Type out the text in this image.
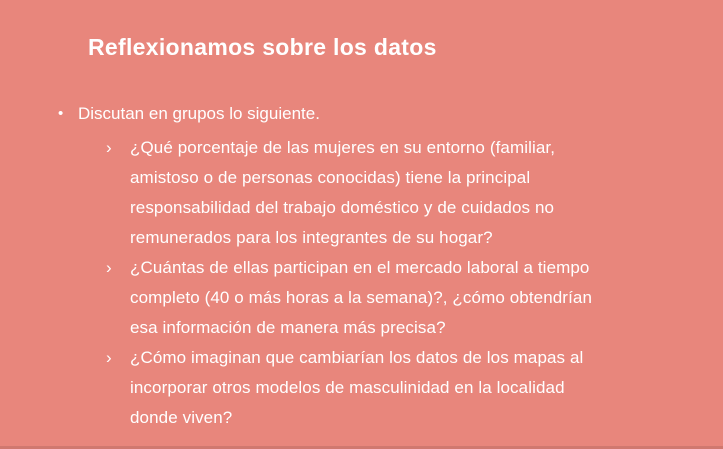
Reflexionamos sobre los datos
• Discutan en grupos lo siguiente.
›	¿Qué porcentaje de las mujeres en su entorno (familiar, amistoso o de personas conocidas) tiene la principal responsabilidad del trabajo doméstico y de cuidados no remunerados para los integrantes de su hogar?
›	¿Cuántas de ellas participan en el mercado laboral a tiempo completo (40 o más horas a la semana)?, ¿cómo obtendrían esa información de manera más precisa?
›	¿Cómo imaginan que cambiarían los datos de los mapas al incorporar otros modelos de masculinidad en la localidad donde viven?
